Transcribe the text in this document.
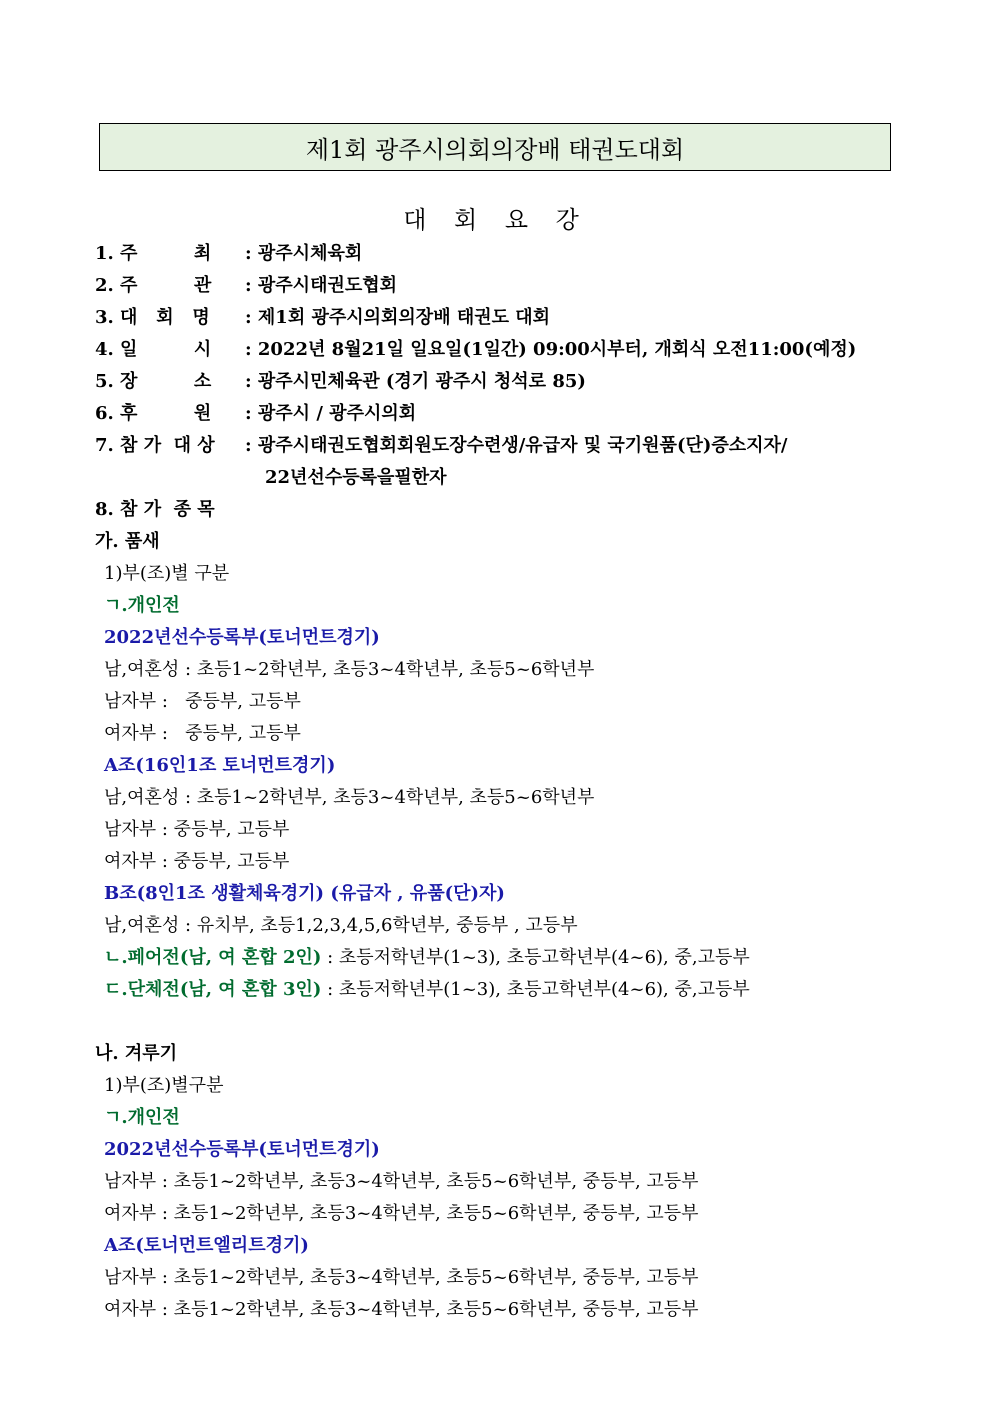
제1회 광주시의회의장배 태권도대회
대 회 요 강
1. 주         최 : 광주시체육회
2. 주         관 : 광주시태권도협회
3. 대   회   명 : 제1회 광주시의회의장배 태권도 대회
4. 일         시 : 2022년 8월21일 일요일(1일간) 09:00시부터, 개회식 오전11:00(예정)
5. 장         소 : 광주시민체육관 (경기 광주시 청석로 85)
6. 후         원 : 광주시 / 광주시의회
7. 참 가  대 상 : 광주시태권도협회회원도장수련생/유급자 및 국기원품(단)증소지자/
22년선수등록을필한자
8. 참 가  종 목
가. 품새
1)부(조)별 구분
ㄱ.개인전
2022년선수등록부(토너먼트경기)
남,여혼성 : 초등1~2학년부, 초등3~4학년부, 초등5~6학년부
남자부 :   중등부, 고등부
여자부 :   중등부, 고등부
A조(16인1조 토너먼트경기)
남,여혼성 : 초등1~2학년부, 초등3~4학년부, 초등5~6학년부
남자부 : 중등부, 고등부
여자부 : 중등부, 고등부
B조(8인1조 생활체육경기) (유급자 , 유품(단)자)
남,여혼성 : 유치부, 초등1,2,3,4,5,6학년부, 중등부 , 고등부
ㄴ.페어전(남, 여 혼합 2인) : 초등저학년부(1~3), 초등고학년부(4~6), 중,고등부
ㄷ.단체전(남, 여 혼합 3인) : 초등저학년부(1~3), 초등고학년부(4~6), 중,고등부
나. 겨루기
1)부(조)별구분
ㄱ.개인전
2022년선수등록부(토너먼트경기)
남자부 : 초등1~2학년부, 초등3~4학년부, 초등5~6학년부, 중등부, 고등부
여자부 : 초등1~2학년부, 초등3~4학년부, 초등5~6학년부, 중등부, 고등부
A조(토너먼트엘리트경기)
남자부 : 초등1~2학년부, 초등3~4학년부, 초등5~6학년부, 중등부, 고등부
여자부 : 초등1~2학년부, 초등3~4학년부, 초등5~6학년부, 중등부, 고등부
